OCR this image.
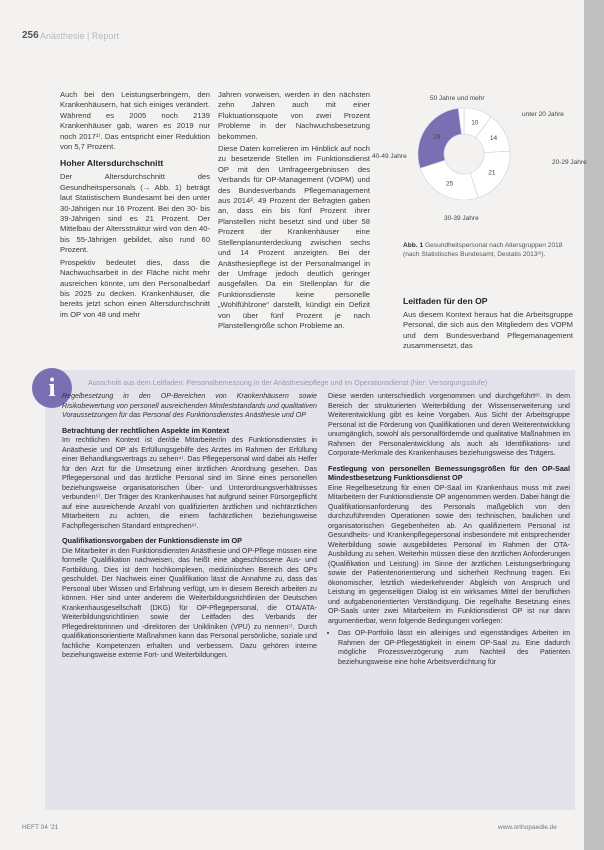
256 Anästhesie | Report

Auch bei den Leistungserbringern, den Krankenhäusern, hat sich einiges verändert. Während es 2005 noch 2139 Krankenhäuser gab, waren es 2019 nur noch 2017¹⁾. Das entspricht einer Reduktion von 5,7 Prozent.

Hoher Altersdurchschnitt

Der Altersdurchschnitt des Gesundheitspersonals (→ Abb. 1) beträgt laut Statistischem Bundesamt bei den unter 30-Jährigen nur 16 Prozent. Bei den 30- bis 39-Jährigen sind es 21 Prozent. Der Mittelbau der Altersstruktur wird von den 40- bis 55-Jährigen gebildet, also rund 60 Prozent.

Prospektiv bedeutet dies, dass die Nachwuchsarbeit in der Fläche nicht mehr ausreichen könnte, um den Personalbedarf bis 2025 zu decken. Krankenhäuser, die bereits jetzt schon einen Altersdurchschnitt im OP von 48 und mehr

Jahren vorweisen, werden in den nächsten zehn Jahren auch mit einer Fluktuationsquote von zwei Prozent Probleme in der Nachwuchsbesetzung bekommen.

Diese Daten korrelieren im Hinblick auf noch zu besetzende Stellen im Funktionsdienst OP mit den Umfrageergebnissen des Verbands für OP-Management (VOPM) und des Bundesverbands Pflegemanagement aus 2014². 49 Prozent der Befragten gaben an, dass ein bis fünf Prozent ihrer Planstellen nicht besetzt sind und über 58 Prozent der Krankenhäuser eine Stellenplanunterdeckung zwischen sechs und 14 Prozent anzeigten. Bei der Anästhesiepflege ist der Personalmangel in der Umfrage jedoch deutlich geringer ausgefallen. Da ein Stellenplan für die Funktionsdienste keine personelle „Wohlfühlzone“ darstellt, kündigt ein Defizit von über fünf Prozent je nach Planstellengröße schon Probleme an.

10
14
21
25
28
50 Jahre und mehr
unter 20 Jahre
20-29 Jahre
30-39 Jahre
40-49 Jahre
Abb. 1 Gesundheitspersonal nach Altersgruppen 2018 (nach Statistisches Bundesamt, Destatis 2013³⁾).
Leitfaden für den OP

Aus diesem Kontext heraus hat die Arbeitsgruppe Personal, die sich aus den Mitgliedern des VOPM und dem Bundesverband Pflegemanagement zusammensetzt, das

i	Ausschnitt aus dem Leitfaden: Personalbemessung in der Anästhesiepflege und im Operationsdienst (hier: Versorgungsstufe)

Regelbesetzung in den OP-Bereichen von Krankenhäusern sowie Risikobewertung von personell ausreichenden Mindeststandards und qualitativen Voraussetzungen für das Personal des Funktionsdienstes Anästhesie und OP

Betrachtung der rechtlichen Aspekte im Kontext

Im rechtlichen Kontext ist der/die Mitarbeiter/in des Funktionsdienstes in Anästhesie und OP als Erfüllungsgehilfe des Arztes im Rahmen der Erfüllung einer Behandlungsvertrags zu sehen⁴⁾. Das Pflegepersonal wird dabei als Helfer für den Arzt für die Umsetzung einer ärztlichen Anordnung gesehen. Das Pflegepersonal und das ärztliche Personal sind im Sinne eines personellen beziehungsweise organisatorischen Über- und Unterordnungsverhältnisses verbunden⁵⁾. Der Träger des Krankenhauses hat aufgrund seiner Fürsorgepflicht auf eine ausreichende Anzahl von qualifizierten ärztlichen und nichtärztlichen Mitarbeitern zu achten, die einem fachärztlichen beziehungsweise Fachpflegerischen Standard entsprechen⁶⁾.

Qualifikationsvorgaben der Funktionsdienste im OP

Die Mitarbeiter in den Funktionsdiensten Anästhesie und OP-Pflege müssen eine formelle Qualifikation nachweisen, das heißt eine abgeschlossene Aus- und Fortbildung. Dies ist dem hochkomplexen, medizinischen Bereich des OPs geschuldet. Der Nachweis einer Qualifikation lässt die Annahme zu, dass das Personal über Wissen und Erfahrung verfügt, um in diesem Bereich arbeiten zu können. Hier sind unter anderem die Weiterbildungsrichtlinien der Deutschen Krankenhausgesellschaft (DKG) für OP-Pflegepersonal, die OTA/ATA-Weiterbildungsrichtlinien sowie der Leitfaden des Verbands der Pflegedirektorinnen und -direktoren der Unikliniken (VPU) zu nennen⁷⁾. Durch qualifikationsorientierte Maßnahmen kann das Personal persönliche, soziale und fachliche Kompetenzen erhalten und verbessern. Dazu gehören interne beziehungsweise externe Fort- und Weiterbildungen.

Diese werden unterschiedlich vorgenommen und durchgeführt⁸⁾. In dem Bereich der strukturierten Weiterbildung der Wissenserweiterung und Weiterentwicklung gibt es keine Vorgaben. Aus Sicht der Arbeitsgruppe Personal ist die Förderung von Qualifikationen und deren Weiterentwicklung unumgänglich, sowohl als personalfördernde und qualitative Maßnahmen im Rahmen der Personalentwicklung als auch als Identifikations- und Corporate-Merkmale des Krankenhauses beziehungsweise des Trägers.

Festlegung von personellen Bemessungsgrößen für den OP-Saal Mindestbesetzung Funktionsdienst OP

Eine Regelbesetzung für einen OP-Saal im Krankenhaus muss mit zwei Mitarbeitern der Funktionsdienste OP angenommen werden. Dabei hängt die Qualifikationsanforderung des Personals maßgeblich von den durchzuführenden Operationen sowie den technischen, baulichen und organisatorischen Gegebenheiten ab. An qualifiziertem Personal ist Gesundheits- und Krankenpflegepersonal insbesondere mit entsprechender Weiterbildung sowie ausgebildetes Personal im Rahmen der OTA-Ausbildung zu sehen. Weiterhin müssen diese den ärztlichen Anforderungen (Qualifikation und Leistung) im Sinne der ärztlichen Leistungserbringung sowie der Patientenorientierung und sicherheit Rechnung tragen. Ein ökonomischer, letztlich wiederkehrender Abgleich von Anspruch und Leistung im gegenseitigen Dialog ist ein wirksames Mittel der beruflichen und aufgabenorientierten Verständigung. Die regelhafte Besetzung eines OP-Saals unter zwei Mitarbeitern im Funktionsdienst OP ist nur dann argumentierbar, wenn folgende Bedingungen vorliegen:

• Das OP-Portfolio lässt ein alleiniges und eigenständiges Arbeiten im Rahmen der OP-Pflegetätigkeit in einem OP-Saal zu. Eine dadurch mögliche Prozessverzögerung zum Nachteil des Patienten beziehungsweise eine hohe Arbeitsverdichtung für
HEFT 04 ’21	www.orthopaedie.de
